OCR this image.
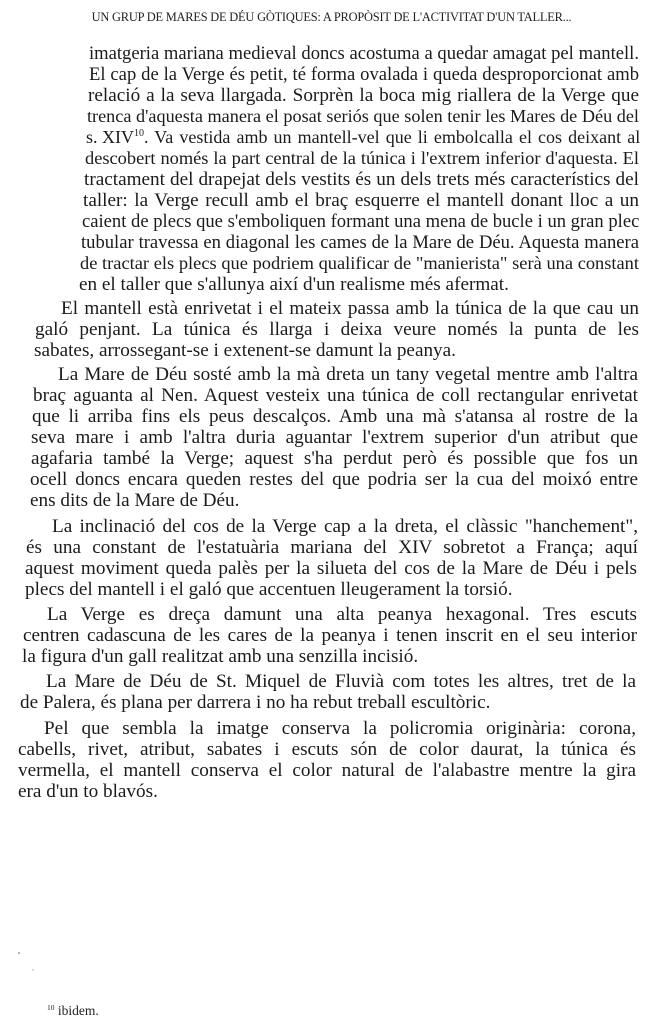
UN GRUP DE MARES DE DÉU GÒTIQUES: A PROPÒSIT DE L'ACTIVITAT D'UN TALLER...
imatgeria mariana medieval doncs acostuma a quedar amagat pel mantell.
El cap de la Verge és petit, té forma ovalada i queda desproporcionat amb
relació a la seva llargada. Sorprèn la boca mig riallera de la Verge que
trenca d'aquesta manera el posat seriós que solen tenir les Mares de Déu del
s. XIV$^{10}$. Va vestida amb un mantell-vel que li embolcalla el cos deixant al
descobert només la part central de la túnica i l'extrem inferior d'aquesta. El
tractament del drapejat dels vestits és un dels trets més característics del
taller: la Verge recull amb el braç esquerre el mantell donant lloc a un
caient de plecs que s'emboliquen formant una mena de bucle i un gran plec
tubular travessa en diagonal les cames de la Mare de Déu. Aquesta manera
de tractar els plecs que podriem qualificar de "manierista" serà una constant
en el taller que s'allunya així d'un realisme més afermat.
El mantell està enrivetat i el mateix passa amb la túnica de la que cau un
galó penjant. La túnica és llarga i deixa veure només la punta de les
sabates, arrossegant-se i extenent-se damunt la peanya.
La Mare de Déu sosté amb la mà dreta un tany vegetal mentre amb l'altra
braç aguanta al Nen. Aquest vesteix una túnica de coll rectangular enrivetat
que li arriba fins els peus descalços. Amb una mà s'atansa al rostre de la
seva mare i amb l'altra duria aguantar l'extrem superior d'un atribut que
agafaria també la Verge; aquest s'ha perdut però és possible que fos un
ocell doncs encara queden restes del que podria ser la cua del moixó entre
ens dits de la Mare de Déu.
La inclinació del cos de la Verge cap a la dreta, el clàssic "hanchement",
és una constant de l'estatuària mariana del XIV sobretot a França; aquí
aquest moviment queda palès per la silueta del cos de la Mare de Déu i pels
plecs del mantell i el galó que accentuen lleugerament la torsió.
La Verge es dreça damunt una alta peanya hexagonal. Tres escuts
centren cadascuna de les cares de la peanya i tenen inscrit en el seu interior
la figura d'un gall realitzat amb una senzilla incisió.
La Mare de Déu de St. Miquel de Fluvià com totes les altres, tret de la
de Palera, és plana per darrera i no ha rebut treball escultòric.
Pel que sembla la imatge conserva la policromia originària: corona,
cabells, rivet, atribut, sabates i escuts són de color daurat, la túnica és
vermella, el mantell conserva el color natural de l'alabastre mentre la gira
era d'un to blavós.
$^{10}$ ibidem.
